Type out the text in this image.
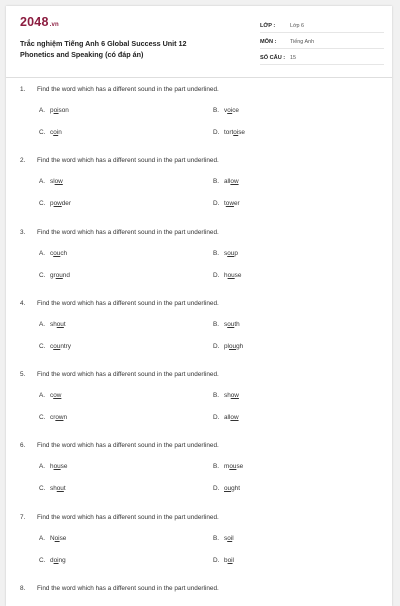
2048.vn
Trắc nghiệm Tiếng Anh 6 Global Success Unit 12
Phonetics and Speaking (có đáp án)
LỚP :	Lớp 6
MÔN :	Tiếng Anh
SỐ CÂU : 15
1. Find the word which has a different sound in the part underlined.
A. poison	B. voice
C. coin	D. tortoise
2. Find the word which has a different sound in the part underlined.
A. slow	B. allow
C. powder	D. tower
3. Find the word which has a different sound in the part underlined.
A. couch	B. soup
C. ground	D. house
4. Find the word which has a different sound in the part underlined.
A. shout	B. south
C. country	D. plough
5. Find the word which has a different sound in the part underlined.
A. cow	B. show
C. crown	D. allow
6. Find the word which has a different sound in the part underlined.
A. house	B. mouse
C. shout	D. ought
7. Find the word which has a different sound in the part underlined.
A. Noise	B. soil
C. doing	D. boil
8. Find the word which has a different sound in the part underlined.
